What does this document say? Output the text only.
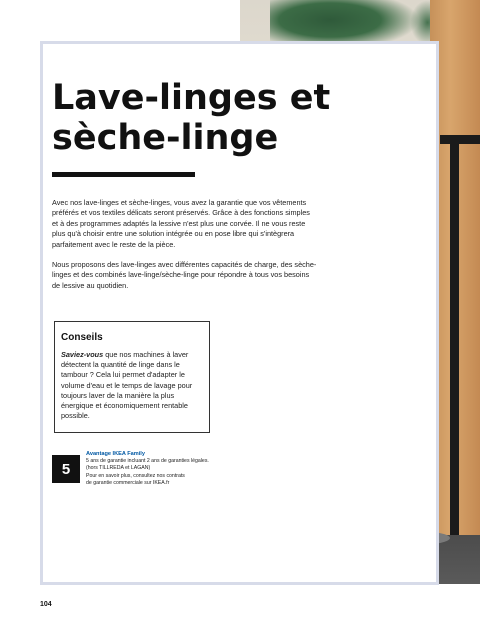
Lave-linges et
sèche-linge

Avec nos lave-linges et sèche-linges, vous avez la garantie que vos vêtements préférés et vos textiles délicats seront préservés. Grâce à des fonctions simples et à des programmes adaptés la lessive n'est plus une corvée. Il ne vous reste plus qu'à choisir entre une solution intégrée ou en pose libre qui s'intègrera parfaitement avec le reste de la pièce.

Nous proposons des lave-linges avec différentes capacités de charge, des sèche-linges et des combinés lave-linge/sèche-linge pour répondre à tous vos besoins de lessive au quotidien.

Conseils
Saviez-vous que nos machines à laver détectent la quantité de linge dans le tambour ? Cela lui permet d'adapter le volume d'eau et le temps de lavage pour toujours laver de la manière la plus énergique et économiquement rentable possible.
5
Avantage IKEA Family
5 ans de garantie incluant 2 ans de garanties légales.
(hors TILLREDA et LAGAN)
Pour en savoir plus, consultez nos contrats
de garantie commerciale sur IKEA.fr
104
